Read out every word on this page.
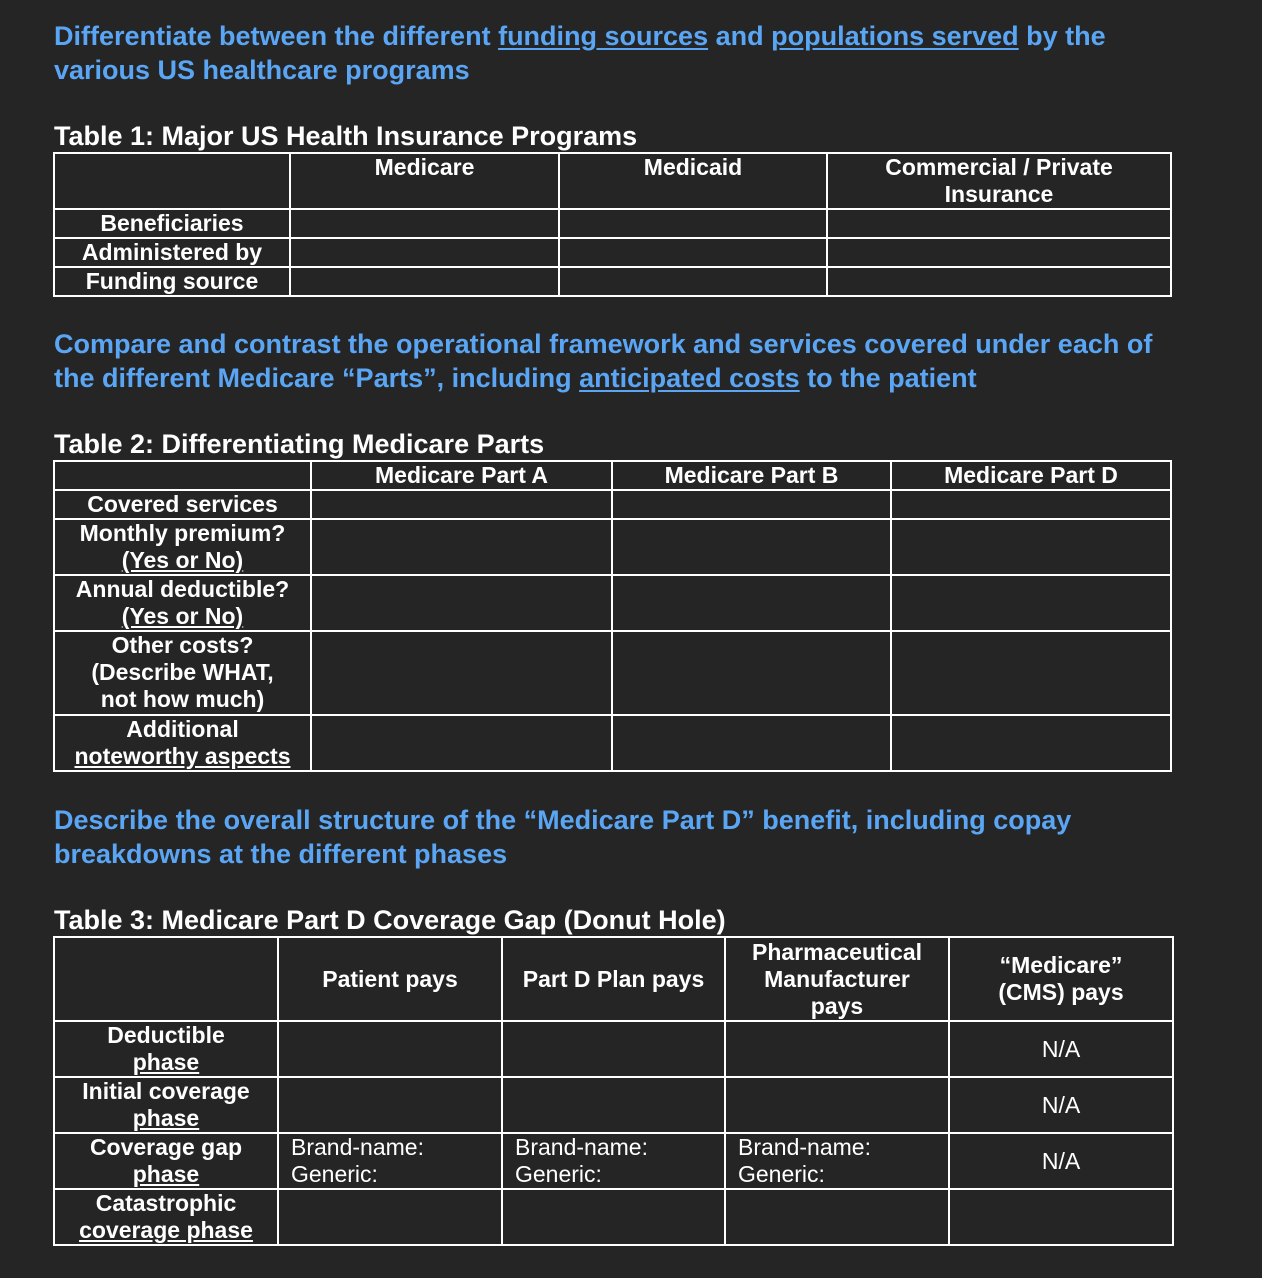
Differentiate between the different funding sources and populations served by the
various US healthcare programs
Table 1: Major US Health Insurance Programs
	Medicare	Medicaid	Commercial / Private
Insurance

Beneficiaries			
Administered by			
Funding source			
Compare and contrast the operational framework and services covered under each of
the different Medicare “Parts”, including anticipated costs to the patient
Table 2: Differentiating Medicare Parts
	Medicare Part A	Medicare Part B	Medicare Part D
Covered services			

Monthly premium?
(Yes or No)			

Annual deductible?
(Yes or No)			

Other costs?
(Describe WHAT,
not how much)			

Additional
noteworthy aspects			

Describe the overall structure of the “Medicare Part D” benefit, including copay
breakdowns at the different phases
Table 3: Medicare Part D Coverage Gap (Donut Hole)
	Patient pays	Part D Plan pays	Pharmaceutical
Manufacturer
pays	“Medicare”
(CMS) pays

Deductible
phase				N/A

Initial coverage
phase				N/A

Coverage gap
phase	Brand-name:
Generic:	Brand-name:
Generic:	Brand-name:
Generic:	N/A

Catastrophic
coverage phase				
